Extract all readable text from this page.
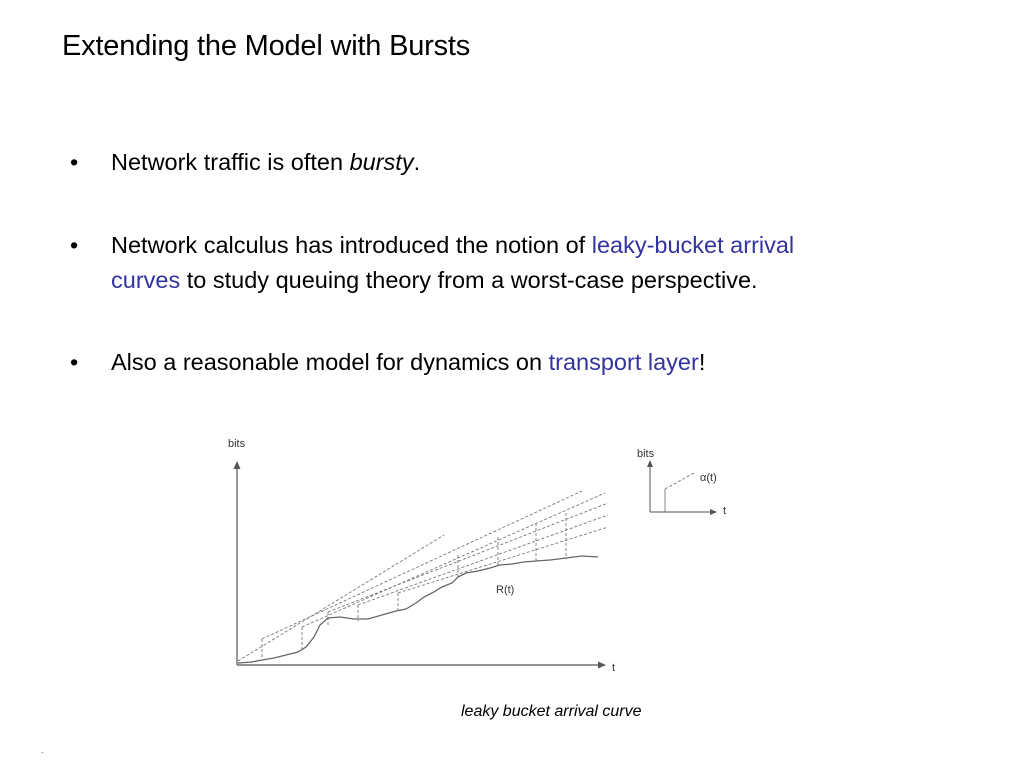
Extending the Model with Bursts
•	Network traffic is often bursty.
•	Network calculus has introduced the notion of leaky-bucket arrival
curves to study queuing theory from a worst-case perspective.
•	Also a reasonable model for dynamics on transport layer!
bits
t
R(t)
bits
t
α(t)
leaky bucket arrival curve
-
